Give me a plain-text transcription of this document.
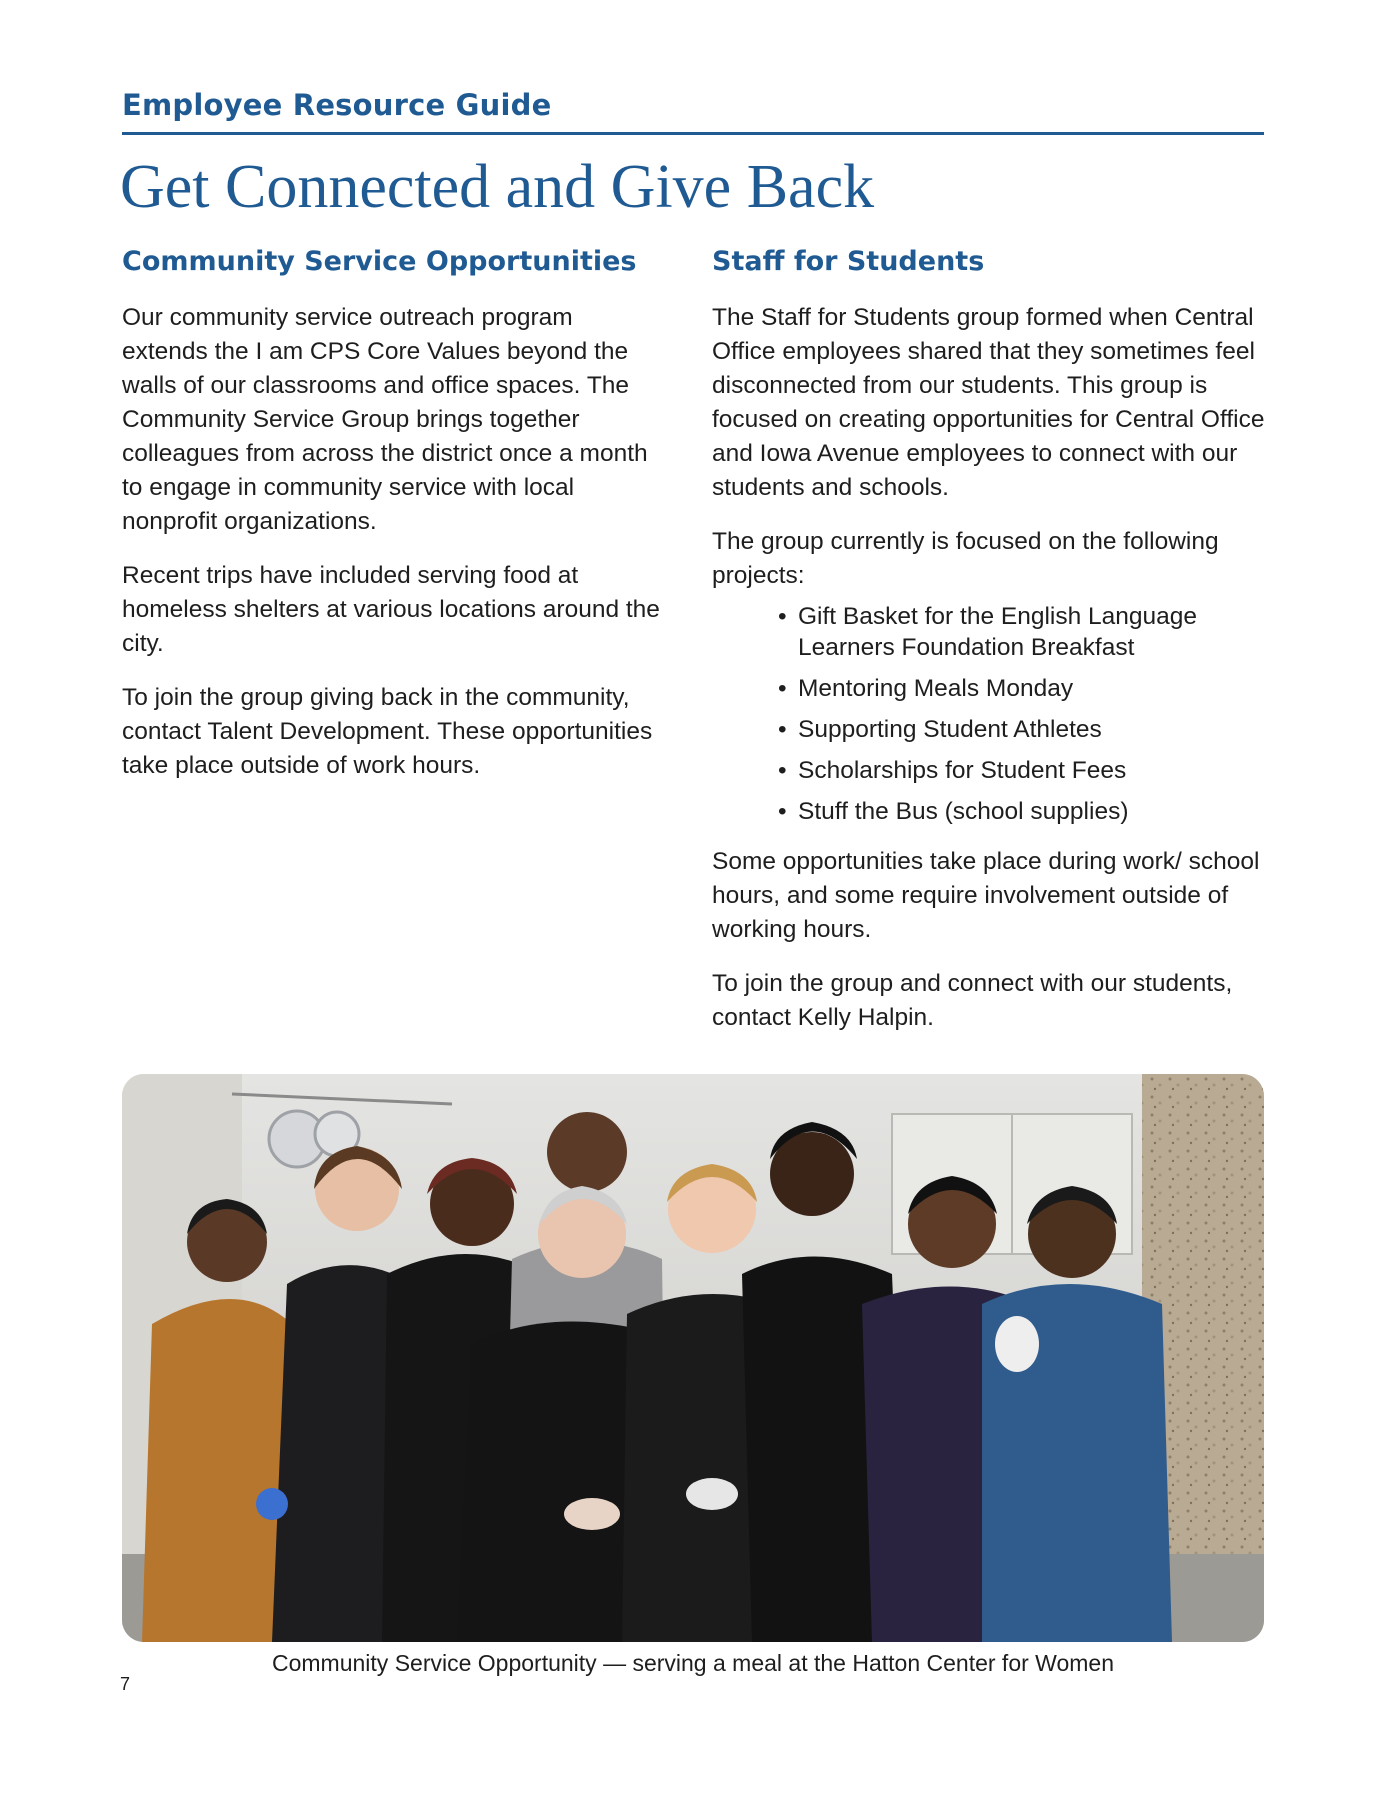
Employee Resource Guide
Get Connected and Give Back
Community Service Opportunities

Our community service outreach program extends the I am CPS Core Values beyond the walls of our classrooms and office spaces. The Community Service Group brings together colleagues from across the district once a month to engage in community service with local nonprofit organizations.

Recent trips have included serving food at homeless shelters at various locations around the city.

To join the group giving back in the community, contact Talent Development. These opportunities take place outside of work hours.

Staff for Students

The Staff for Students group formed when Central Office employees shared that they sometimes feel disconnected from our students. This group is focused on creating opportunities for Central Office and Iowa Avenue employees to connect with our students and schools.

The group currently is focused on the following projects:

• Gift Basket for the English Language Learners Foundation Breakfast
• Mentoring Meals Monday
• Supporting Student Athletes
• Scholarships for Student Fees
• Stuff the Bus (school supplies)

Some opportunities take place during work/ school hours, and some require involvement outside of working hours.

To join the group and connect with our students, contact Kelly Halpin.

Community Service Opportunity — serving a meal at the Hatton Center for Women
7
